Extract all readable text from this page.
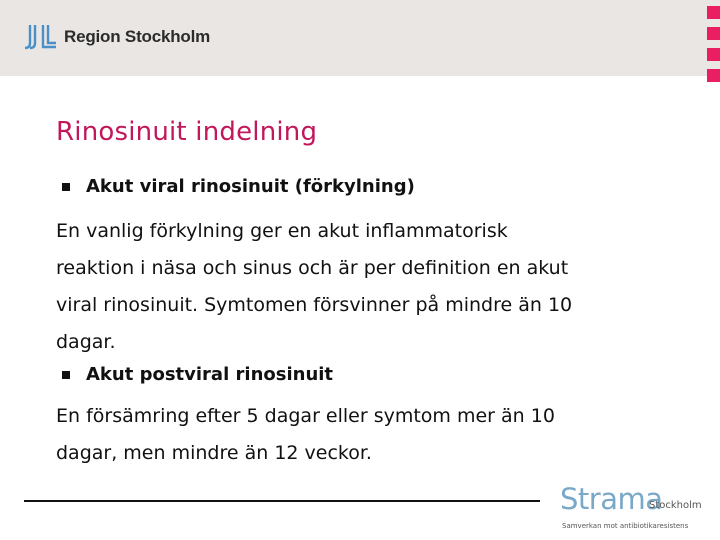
Region Stockholm
Rinosinuit indelning
Akut viral rinosinuit (förkylning)
En vanlig förkylning ger en akut inflammatorisk
reaktion i näsa och sinus och är per definition en akut
viral rinosinuit. Symtomen försvinner på mindre än 10
dagar.
Akut postviral rinosinuit
En försämring efter 5 dagar eller symtom mer än 10
dagar, men mindre än 12 veckor.
Strama
Stockholm
Samverkan mot antibiotikaresistens
